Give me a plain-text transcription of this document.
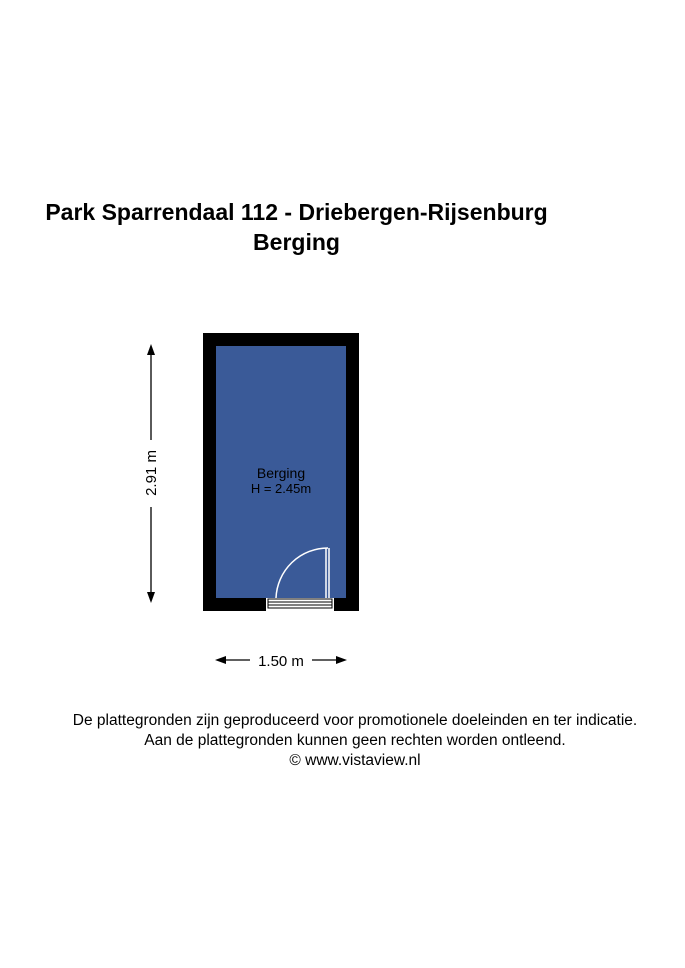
Park Sparrendaal 112 - Driebergen-Rijsenburg
Berging
Berging
H = 2.45m
2.91 m
1.50 m
De plattegronden zijn geproduceerd voor promotionele doeleinden en ter indicatie.
Aan de plattegronden kunnen geen rechten worden ontleend.
© www.vistaview.nl
